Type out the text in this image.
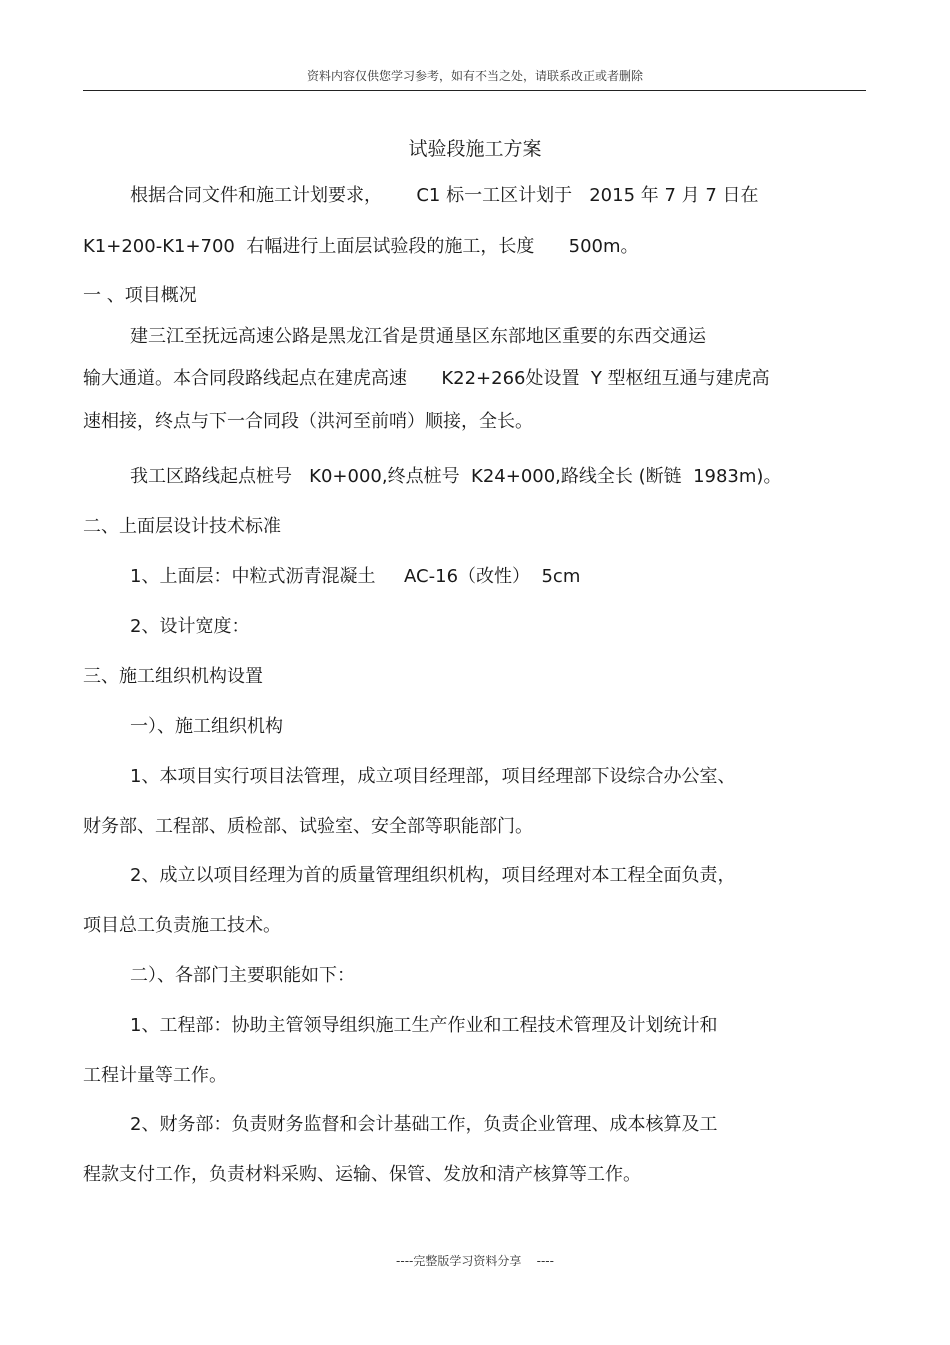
资料内容仅供您学习参考，如有不当之处，请联系改正或者删除
试验段施工方案
根据合同文件和施工计划要求，      C1 标一工区计划于   2015 年 7 月 7 日在
K1+200-K1+700  右幅进行上面层试验段的施工，长度      500m。
一 、项目概况
建三江至抚远高速公路是黑龙江省是贯通垦区东部地区重要的东西交通运
输大通道。本合同段路线起点在建虎高速      K22+266处设置  Y 型枢纽互通与建虎高
速相接，终点与下一合同段（洪河至前哨）顺接，全长。
我工区路线起点桩号   K0+000,终点桩号  K24+000,路线全长 (断链  1983m)。
二、上面层设计技术标准
1、上面层：中粒式沥青混凝土     AC-16（改性）  5cm
2、设计宽度：
三、施工组织机构设置
一）、施工组织机构
1、本项目实行项目法管理，成立项目经理部，项目经理部下设综合办公室、
财务部、工程部、质检部、试验室、安全部等职能部门。
2、成立以项目经理为首的质量管理组织机构，项目经理对本工程全面负责，
项目总工负责施工技术。
二）、各部门主要职能如下：
1、工程部：协助主管领导组织施工生产作业和工程技术管理及计划统计和
工程计量等工作。
2、财务部：负责财务监督和会计基础工作，负责企业管理、成本核算及工
程款支付工作，负责材料采购、运输、保管、发放和清产核算等工作。
----完整版学习资料分享    ----
